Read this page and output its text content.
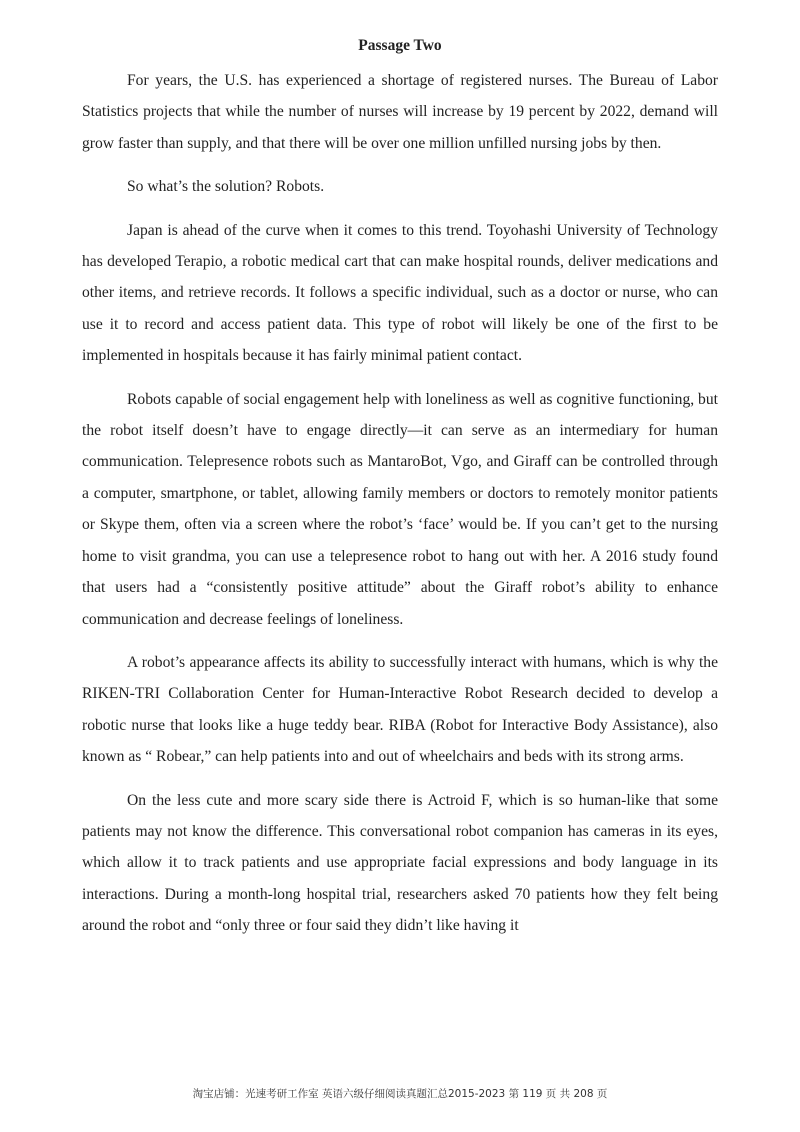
Passage Two

For years, the U.S. has experienced a shortage of registered nurses. The Bureau of Labor Statistics projects that while the number of nurses will increase by 19 percent by 2022, demand will grow faster than supply, and that there will be over one million unfilled nursing jobs by then.

So what’s the solution? Robots.

Japan is ahead of the curve when it comes to this trend. Toyohashi University of Technology has developed Terapio, a robotic medical cart that can make hospital rounds, deliver medications and other items, and retrieve records. It follows a specific individual, such as a doctor or nurse, who can use it to record and access patient data. This type of robot will likely be one of the first to be implemented in hospitals because it has fairly minimal patient contact.

Robots capable of social engagement help with loneliness as well as cognitive functioning, but the robot itself doesn’t have to engage directly—it can serve as an intermediary for human communication. Telepresence robots such as MantaroBot, Vgo, and Giraff can be controlled through a computer, smartphone, or tablet, allowing family members or doctors to remotely monitor patients or Skype them, often via a screen where the robot’s ‘face’ would be. If you can’t get to the nursing home to visit grandma, you can use a telepresence robot to hang out with her. A 2016 study found that users had a “consistently positive attitude” about the Giraff robot’s ability to enhance communication and decrease feelings of loneliness.

A robot’s appearance affects its ability to successfully interact with humans, which is why the RIKEN-TRI Collaboration Center for Human-Interactive Robot Research decided to develop a robotic nurse that looks like a huge teddy bear. RIBA (Robot for Interactive Body Assistance), also known as “ Robear,” can help patients into and out of wheelchairs and beds with its strong arms.

On the less cute and more scary side there is Actroid F, which is so human-like that some patients may not know the difference. This conversational robot companion has cameras in its eyes, which allow it to track patients and use appropriate facial expressions and body language in its interactions. During a month-long hospital trial, researchers asked 70 patients how they felt being around the robot and “only three or four said they didn’t like having it

淘宝店铺：光速考研工作室 英语六级仔细阅读真题汇总2015-2023 第 119 页 共 208 页
